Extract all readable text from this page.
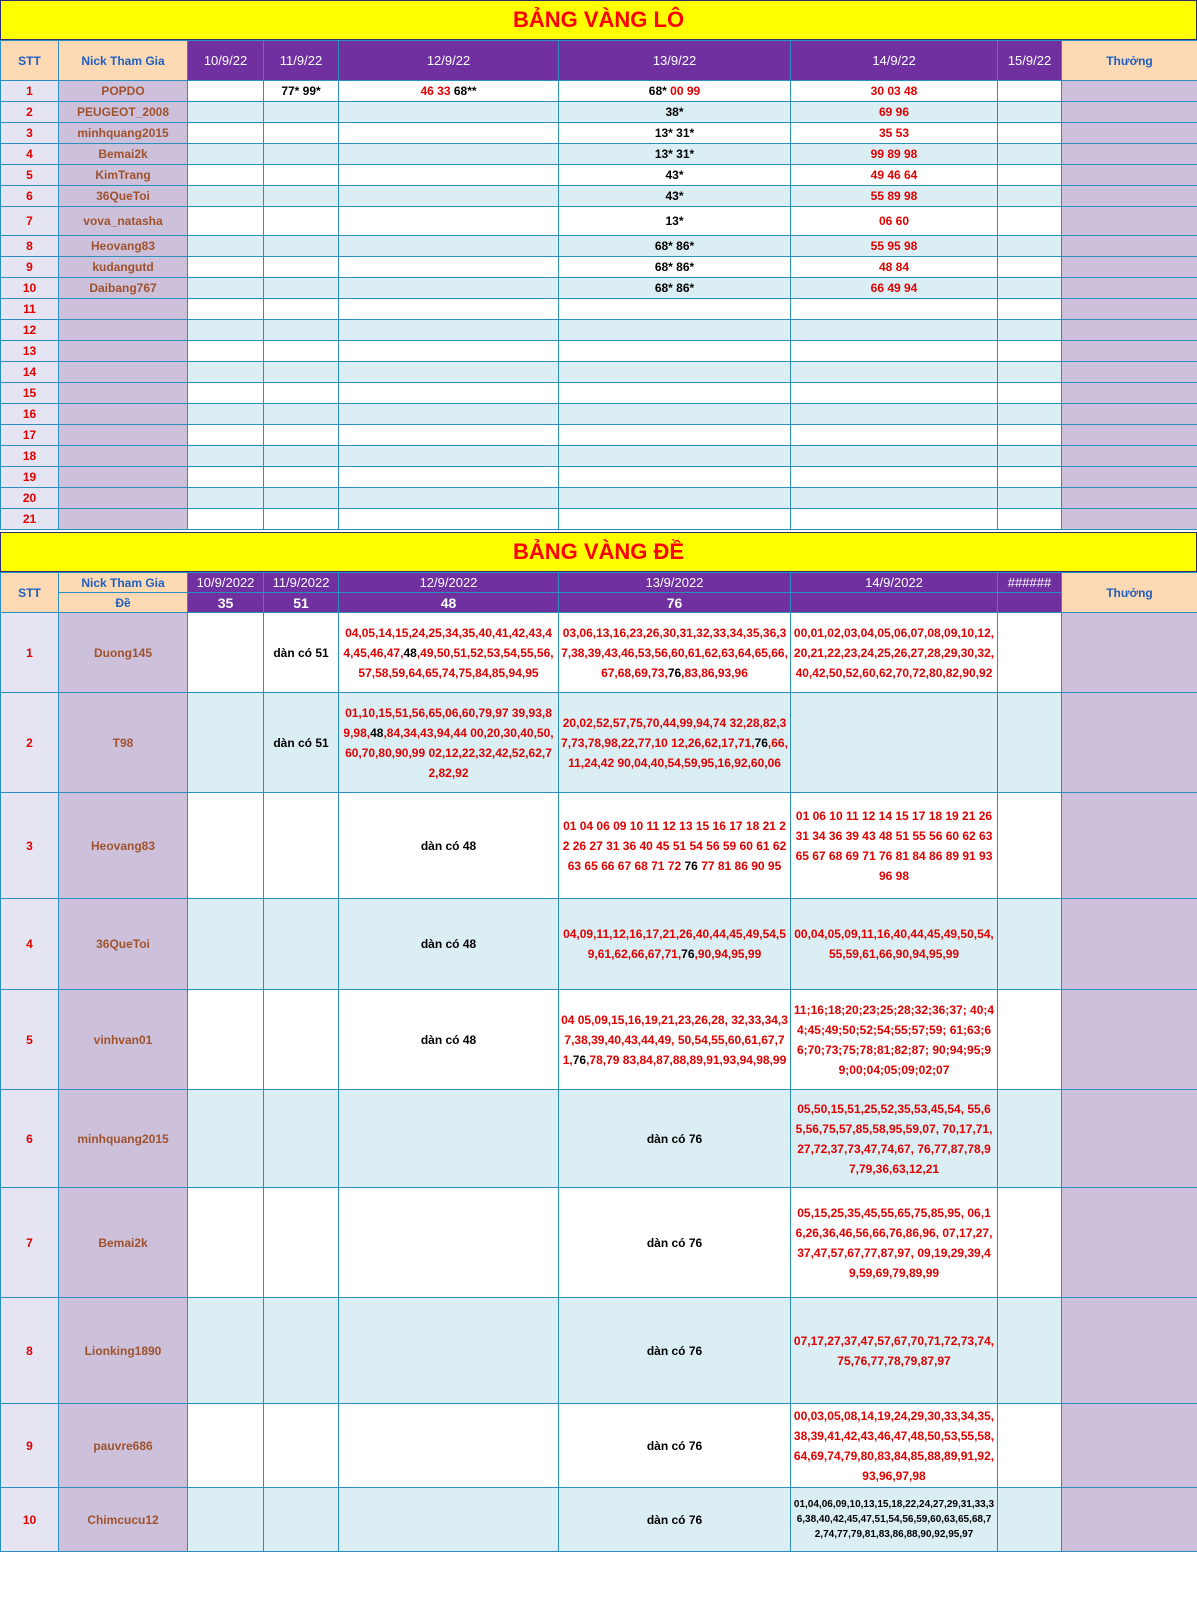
BẢNG VÀNG LÔ
STT	Nick Tham Gia	10/9/22	11/9/22	12/9/22	13/9/22	14/9/22	15/9/22	Thưởng
1	POPDO		77* 99*	46 33 68**	68* 00 99	30 03 48		
2	PEUGEOT_2008				38*	69 96		
3	minhquang2015				13* 31*	35 53		
4	Bemai2k				13* 31*	99 89 98		
5	KimTrang				43*	49 46 64		
6	36QueToi				43*	55 89 98		
7	vova_natasha				13*	06 60		
8	Heovang83				68* 86*	55 95 98		
9	kudangutd				68* 86*	48 84		
10	Daibang767				68* 86*	66 49 94		
11								
12								
13								
14								
15								
16								
17								
18								
19								
20								
21								
BẢNG VÀNG ĐỀ
STT	Nick Tham Gia	10/9/2022	11/9/2022	12/9/2022	13/9/2022	14/9/2022	######	Thưởng
	Đề	35	51	48	76			
1	Duong145		dàn có 51	04,05,14,15,24,25,34,35,40,41,42,43,44,45,46,47,48,49,50,51,52,53,54,55,56,57,58,59,64,65,74,75,84,85,94,95	03,06,13,16,23,26,30,31,32,33,34,35,36,37,38,39,43,46,53,56,60,61,62,63,64,65,66,67,68,69,73,76,83,86,93,96	00,01,02,03,04,05,06,07,08,09,10,12,20,21,22,23,24,25,26,27,28,29,30,32,40,42,50,52,60,62,70,72,80,82,90,92		
2	T98		dàn có 51	01,10,15,51,56,65,06,60,79,97 39,93,89,98,48,84,34,43,94,44 00,20,30,40,50,60,70,80,90,99 02,12,22,32,42,52,62,72,82,92	20,02,52,57,75,70,44,99,94,74 32,28,82,37,73,78,98,22,77,10 12,26,62,17,71,76,66,11,24,42 90,04,40,54,59,95,16,92,60,06			
3	Heovang83			dàn có 48	01 04 06 09 10 11 12 13 15 16 17 18 21 22 26 27 31 36 40 45 51 54 56 59 60 61 62 63 65 66 67 68 71 72 76 77 81 86 90 95	01 06 10 11 12 14 15 17 18 19 21 26 31 34 36 39 43 48 51 55 56 60 62 63 65 67 68 69 71 76 81 84 86 89 91 93 96 98		
4	36QueToi			dàn có 48	04,09,11,12,16,17,21,26,40,44,45,49,54,59,61,62,66,67,71,76,90,94,95,99	00,04,05,09,11,16,40,44,45,49,50,54,55,59,61,66,90,94,95,99		
5	vinhvan01			dàn có 48	04 05,09,15,16,19,21,23,26,28, 32,33,34,37,38,39,40,43,44,49, 50,54,55,60,61,67,71,76,78,79 83,84,87,88,89,91,93,94,98,99	11;16;18;20;23;25;28;32;36;37; 40;44;45;49;50;52;54;55;57;59; 61;63;66;70;73;75;78;81;82;87; 90;94;95;99;00;04;05;09;02;07		
6	minhquang2015				dàn có 76	05,50,15,51,25,52,35,53,45,54, 55,65,56,75,57,85,58,95,59,07, 70,17,71,27,72,37,73,47,74,67, 76,77,87,78,97,79,36,63,12,21		
7	Bemai2k				dàn có 76	05,15,25,35,45,55,65,75,85,95, 06,16,26,36,46,56,66,76,86,96, 07,17,27,37,47,57,67,77,87,97, 09,19,29,39,49,59,69,79,89,99		
8	Lionking1890				dàn có 76	07,17,27,37,47,57,67,70,71,72,73,74,75,76,77,78,79,87,97		
9	pauvre686				dàn có 76	00,03,05,08,14,19,24,29,30,33,34,35,38,39,41,42,43,46,47,48,50,53,55,58,64,69,74,79,80,83,84,85,88,89,91,92,93,96,97,98		
10	Chimcucu12				dàn có 76	01,04,06,09,10,13,15,18,22,24,27,29,31,33,36,38,40,42,45,47,51,54,56,59,60,63,65,68,72,74,77,79,81,83,86,88,90,92,95,97		
